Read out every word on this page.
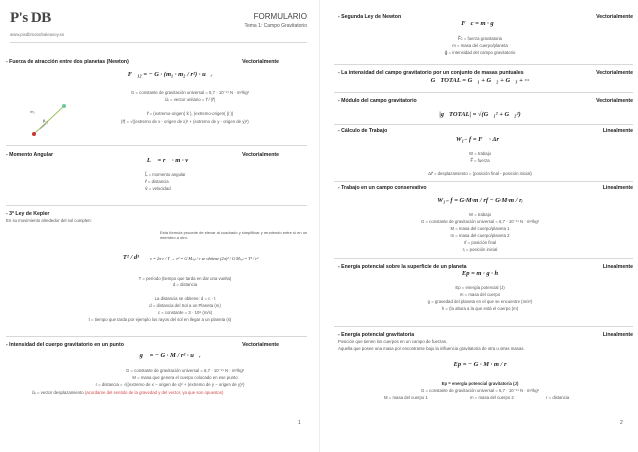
P's DB
www.pisdbmotorbaleavoy.es
FORMULARIO
Tema 1: Campo Gravitatorio
- Fuerza de atracción entre dos planetas (Newton)	Vectorialmente
F⃗₁₂ = − G · (m₁ · m₂ / r²) · u⃗ᵣ
G = constante de gravitación universal = 6,7 · 10⁻¹¹ N · m²/kg²
u⃗ᵣ = vector unitario = r⃗ / |r⃗|
r⃗ = (extremo-origen( x⃗ ), (extremo-origen( y⃗ ))
|r⃗| = √((extremo de x - origen de x)² + (extremo de y - origen de y)²)
m₁
F⃗₁₂
- Momento Angular	Vectorialmente
L⃗ = r⃗ · m · v⃗
L⃗ = momento angular
r⃗ = distancia
v⃗ = velocidad
- 3ª Ley de Kepler
En su movimiento alrededor del sol cumplen:
Esta fórmula procede de elevar al cuadrado y simplificar y reuniendo entre sí en un miembro a otro.
T² / d³	v = 2π·r / T → v² = G·Mₛₒₗ / r se obtiene (2π)² / G·Mₛₒₗ = T² / r³
T = período (tiempo que tarda en dar una vuelta)
d = distancia
La distancia se obtiene: d = c · t
d = distancia del Sol a un Planeta (m)
c = constante = 3 · 10⁸ (m/s)
t = tiempo que tarda por ejemplo los rayos del sol en llegar a un planeta (s)
- Intensidad del cuerpo gravitatorio en un punto	Vectorialmente
g⃗ = − G · M / r² · u⃗ᵣ
G = constante de gravitación universal = 6,7 · 10⁻¹¹ N · m²/kg²
M = masa que genera el cuerpo colocado en ese punto
r = distancia = √((extremo de x − origen de x)² + (extremo de y − origen de y)²)
u⃗ᵣ = vector desplazamiento (acordarse del sentido de la gravedad y del vector, ya que son opuestos)
1
- Segunda Ley de Newton	Vectorialmente
F⃗c = m · g⃗
F⃗c = fuerza gravitatoria
m = masa del cuerpo/planeta
g⃗ = intensidad del campo gravitatorio
- La intensidad del campo gravitatorio por un conjunto de masas puntuales	Vectorialmente
G⃗TOTAL = G⃗₁ + G⃗₂ + G⃗₃ + ···
- Módulo del campo gravitatorio	Vectorialmente
|g⃗TOTAL| = √(G⃗₁² + G⃗₂²)
- Cálculo de Trabajo	Linealmente
W₁₋ f = F⃗ · Δr⃗
W = trabajo
F⃗ = fuerza
Δr⃗ = desplazamiento = (posición final - posición inicial)
- Trabajo en un campo conservativo	Linealmente
W₁₋ f = G·M·m / rf − G·M·m / rᵢ
W = trabajo
G = constante de gravitación universal = 6,7 · 10⁻¹¹ N · m²/kg²
M = masa del cuerpo/planeta 1
m = masa del cuerpo/planeta 2
rf = posición final
rᵢ = posición inicial
- Energía potencial sobre la superficie de un planeta	Linealmente
Ep = m · g · h
Ep = energía potencial (J)
m = masa del cuerpo
g = gravedad del planeta en el que se encuentre (m/s²)
h = (la altura a la que está el cuerpo (m)
- Energía potencial gravitatoria	Linealmente
Posición que tienen los cuerpos en un campo de fuerzas.
Aquella que posee una masa por encontrarse bajo la influencia gravitatoria de otra u otras masas.
Ep = − G · M · m / r
Ep = energía potencial gravitatoria (J)
G = constante de gravitación universal = 6,7 · 10⁻¹¹ N · m²/kg²
M = masa del cuerpo 1	m = masa del cuerpo 2	r = distancia
2
